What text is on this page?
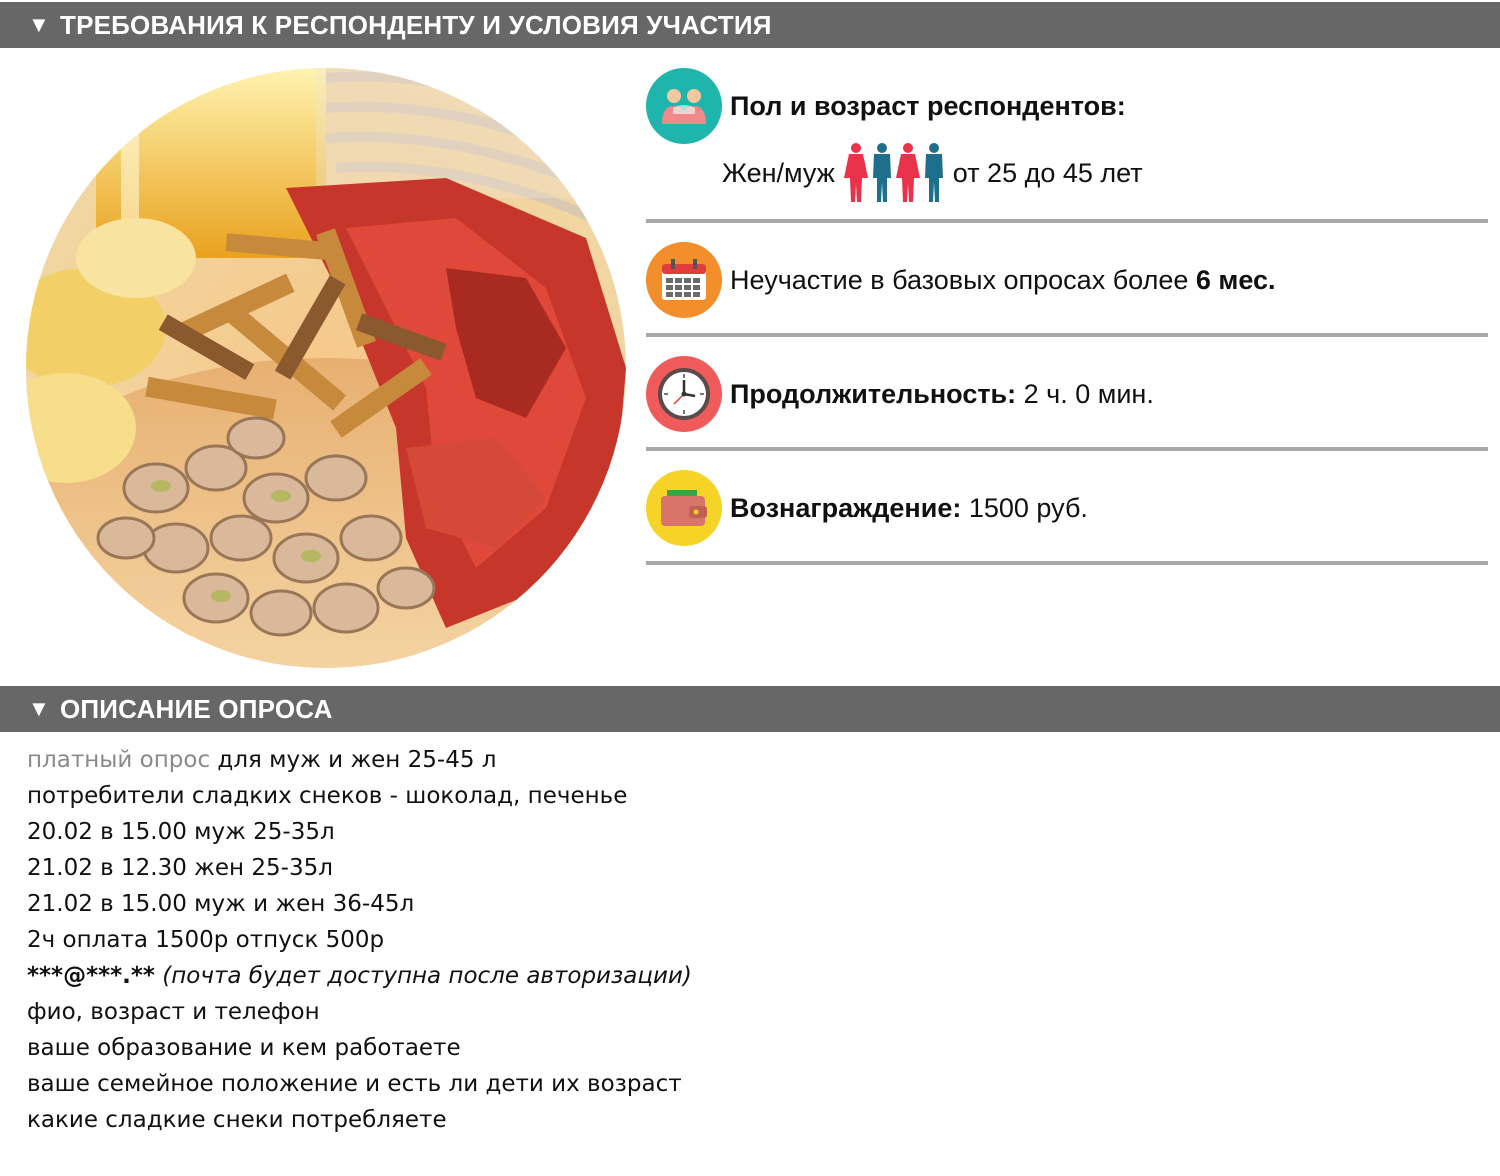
▼ ТРЕБОВАНИЯ К РЕСПОНДЕНТУ И УСЛОВИЯ УЧАСТИЯ
Пол и возраст респондентов:
Жен/муж	от 25 до 45 лет
Неучастие в базовых опросах более 6 мес.
Продолжительность: 2 ч. 0 мин.
Вознаграждение: 1500 руб.
▼ ОПИСАНИЕ ОПРОСА
платный опрос для муж и жен 25-45 л
потребители сладких снеков - шоколад, печенье
20.02 в 15.00 муж 25-35л
21.02 в 12.30 жен 25-35л
21.02 в 15.00 муж и жен 36-45л
2ч оплата 1500р отпуск 500р
***@***.** (почта будет доступна после авторизации)
фио, возраст и телефон
ваше образование и кем работаете
ваше семейное положение и есть ли дети их возраст
какие сладкие снеки потребляете
